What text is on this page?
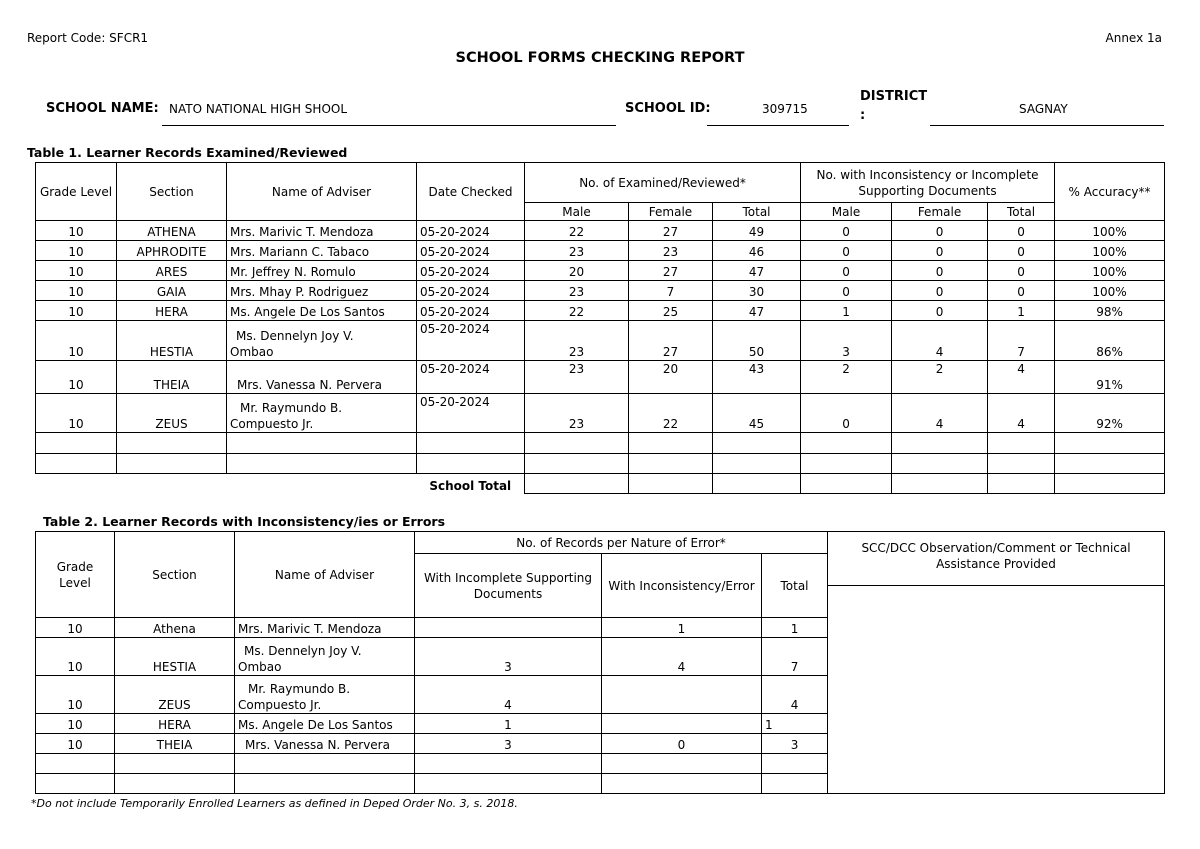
Report Code: SFCR1	Annex 1a
SCHOOL FORMS CHECKING REPORT
SCHOOL NAME: NATO NATIONAL HIGH SHOOL	SCHOOL ID:	309715
DISTRICT
:	SAGNAY
Table 1. Learner Records Examined/Reviewed
Grade Level	Section	Name of Adviser	Date Checked	No. of Examined/Reviewed*			No. with Inconsistency or Incomplete Supporting Documents			% Accuracy**
				Male	Female	Total	Male	Female	Total	
10	ATHENA	Mrs. Marivic T. Mendoza	05-20-2024	22	27	49	0	0	0	100%
10	APHRODITE	Mrs. Mariann C. Tabaco	05-20-2024	23	23	46	0	0	0	100%
10	ARES	Mr. Jeffrey N. Romulo	05-20-2024	20	27	47	0	0	0	100%
10	GAIA	Mrs. Mhay P. Rodriguez	05-20-2024	23	7	30	0	0	0	100%
10	HERA	Ms. Angele De Los Santos	05-20-2024	22	25	47	1	0	1	98%
10	HESTIA	Ms. Dennelyn Joy V.
Ombao	05-20-2024	23	27	50	3	4	7	86%
10	THEIA	Mrs. Vanessa N. Pervera	05-20-2024	23	20	43	2	2	4	91%
10	ZEUS	Mr. Raymundo B.
Compuesto Jr.	05-20-2024	23	22	45	0	4	4	92%

			School Total							
Table 2. Learner Records with Inconsistency/ies or Errors
Grade Level	Section	Name of Adviser	No. of Records per Nature of Error*			SCC/DCC Observation/Comment or Technical Assistance Provided
			With Incomplete Supporting Documents	With Inconsistency/Error	Total	

10	Athena	Mrs. Marivic T. Mendoza		1	1	
10	HESTIA	Ms. Dennelyn Joy V.
Ombao	3	4	7	
10	ZEUS	Mr. Raymundo B.
Compuesto Jr.	4		4	
10	HERA	Ms. Angele De Los Santos	1		1	
10	THEIA	Mrs. Vanessa N. Pervera	3	0	3	

*Do not include Temporarily Enrolled Learners as defined in Deped Order No. 3, s. 2018.
